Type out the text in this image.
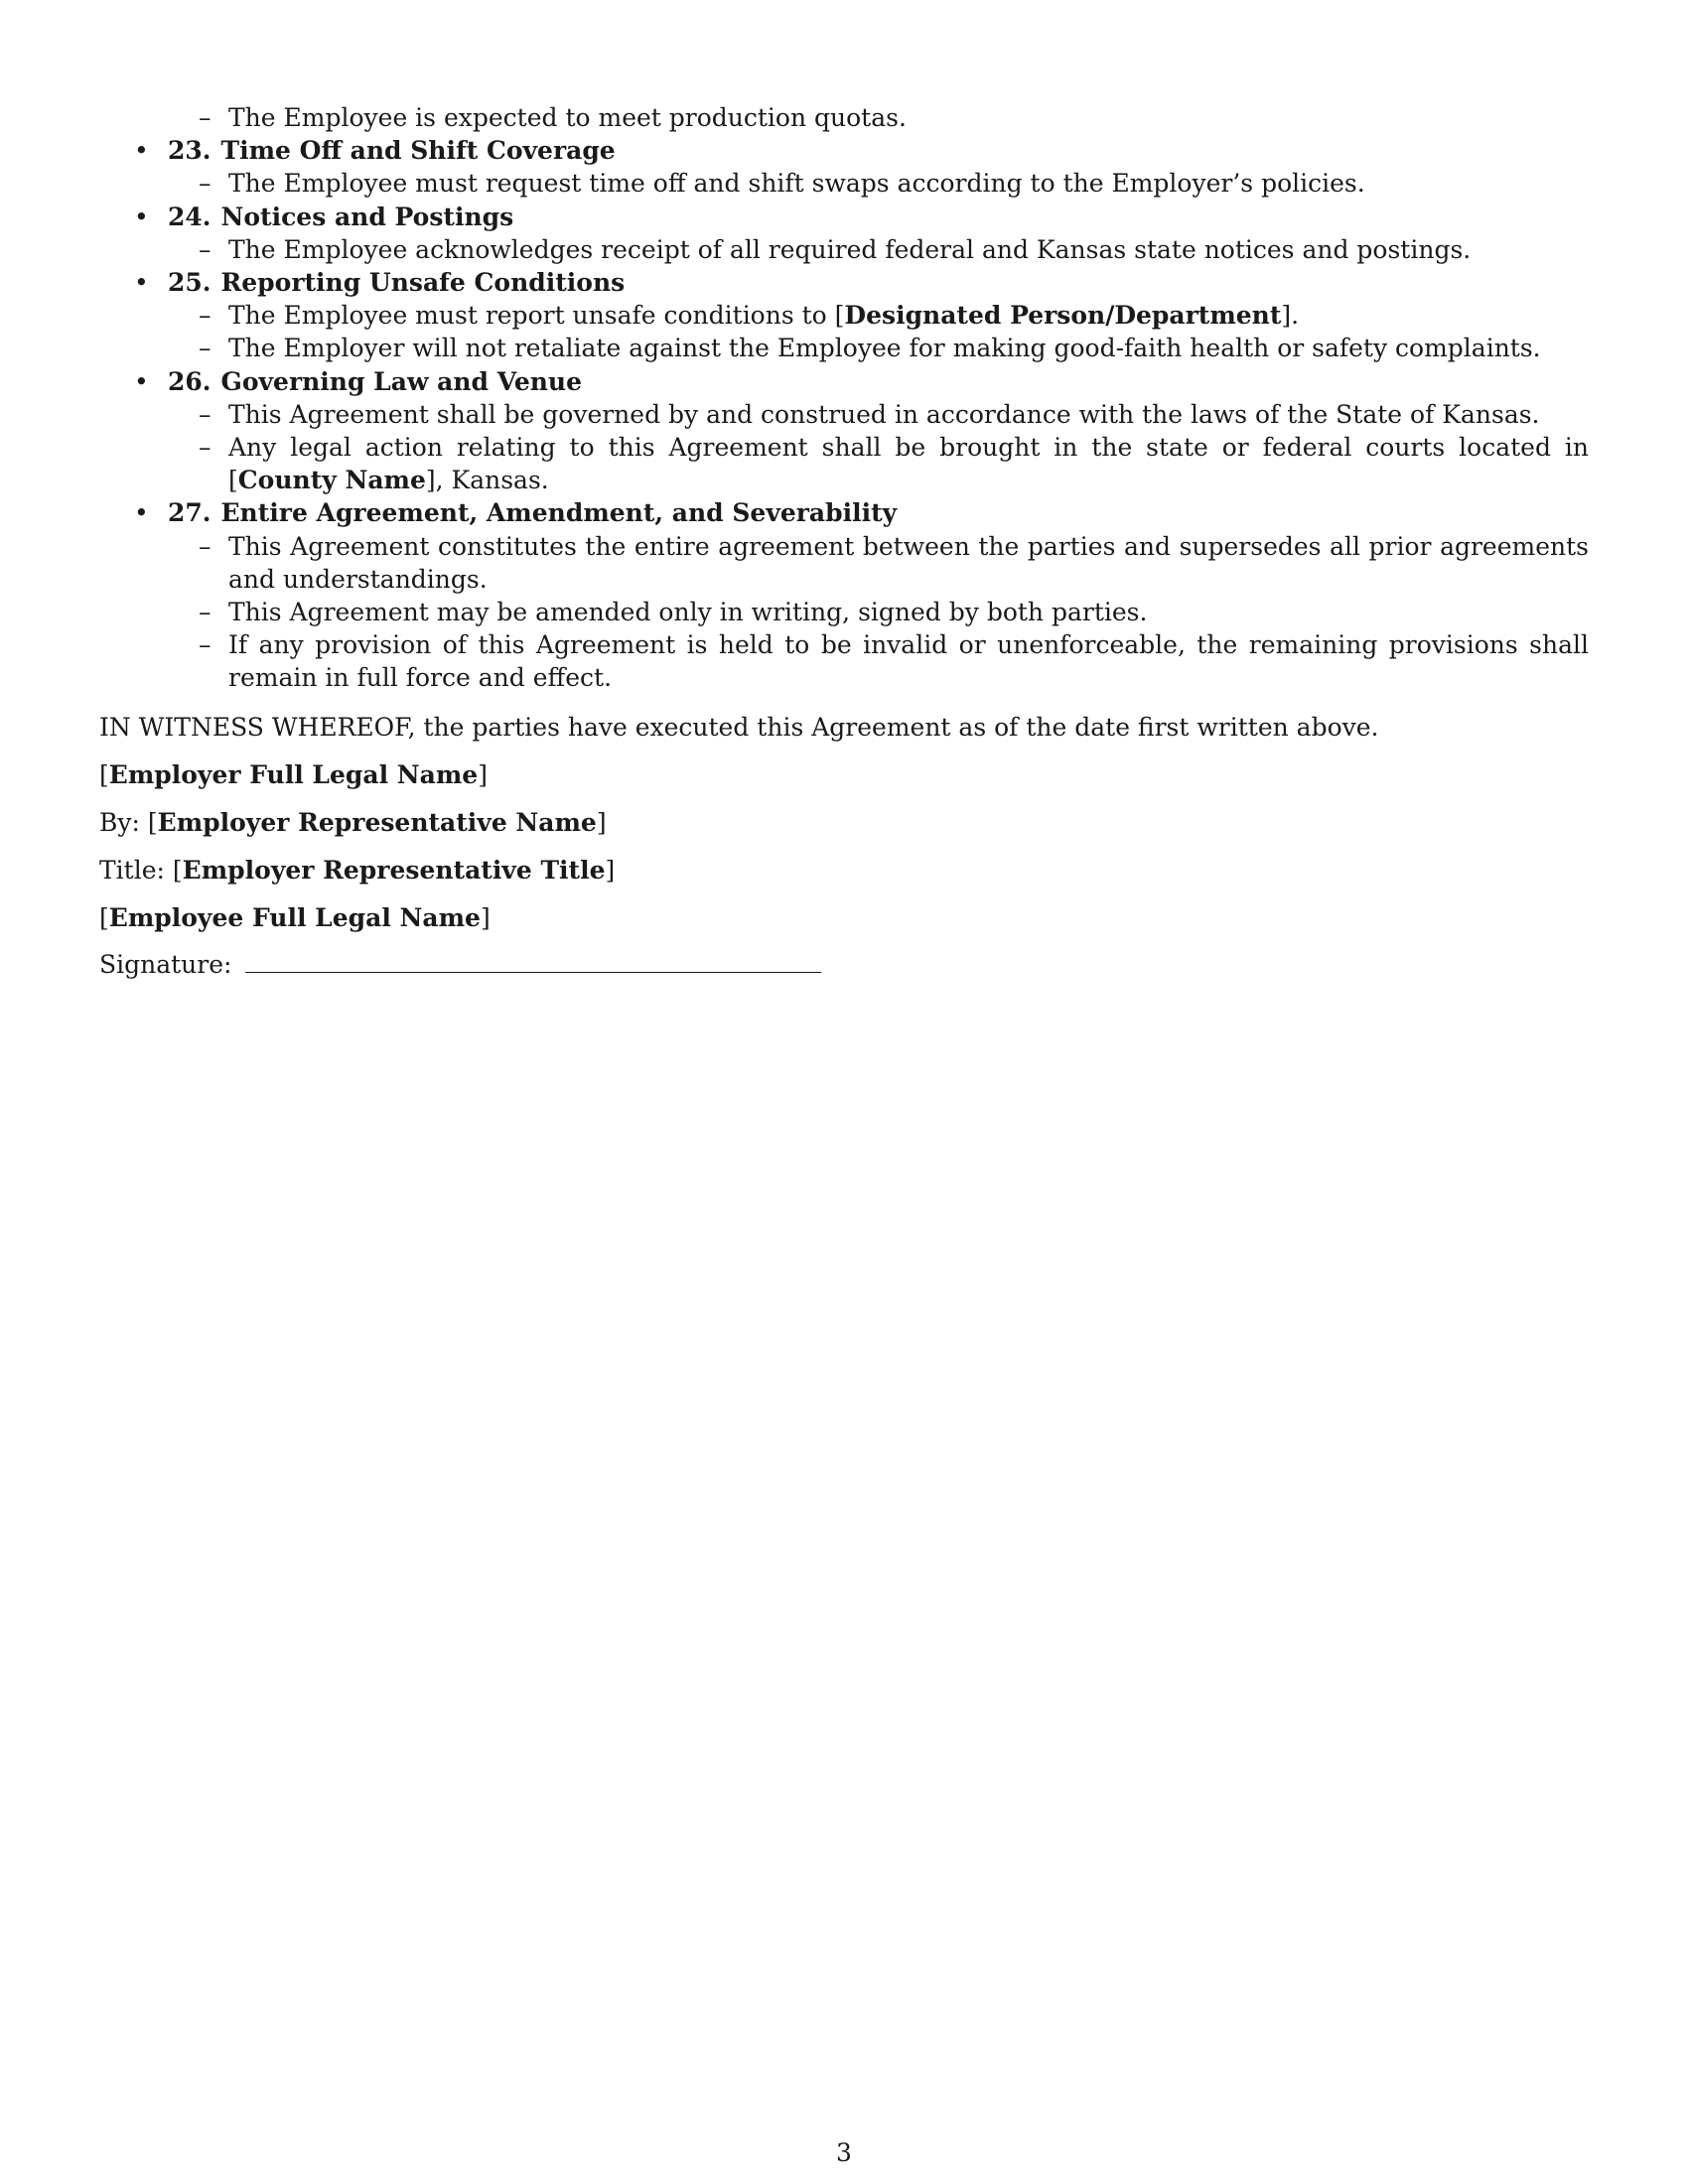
– The Employee is expected to meet production quotas.
• 23. Time Off and Shift Coverage
– The Employee must request time off and shift swaps according to the Employer’s policies.
• 24. Notices and Postings
– The Employee acknowledges receipt of all required federal and Kansas state notices and postings.
• 25. Reporting Unsafe Conditions
– The Employee must report unsafe conditions to [Designated Person/Department].
– The Employer will not retaliate against the Employee for making good-faith health or safety complaints.
• 26. Governing Law and Venue
– This Agreement shall be governed by and construed in accordance with the laws of the State of Kansas.
– Any legal action relating to this Agreement shall be brought in the state or federal courts located in [County Name], Kansas.
• 27. Entire Agreement, Amendment, and Severability
– This Agreement constitutes the entire agreement between the parties and supersedes all prior agreements and understandings.
– This Agreement may be amended only in writing, signed by both parties.
– If any provision of this Agreement is held to be invalid or unenforceable, the remaining provisions shall remain in full force and effect.

IN WITNESS WHEREOF, the parties have executed this Agreement as of the date first written above.

[Employer Full Legal Name]

By: [Employer Representative Name]

Title: [Employer Representative Title]

[Employee Full Legal Name]

Signature:

3
